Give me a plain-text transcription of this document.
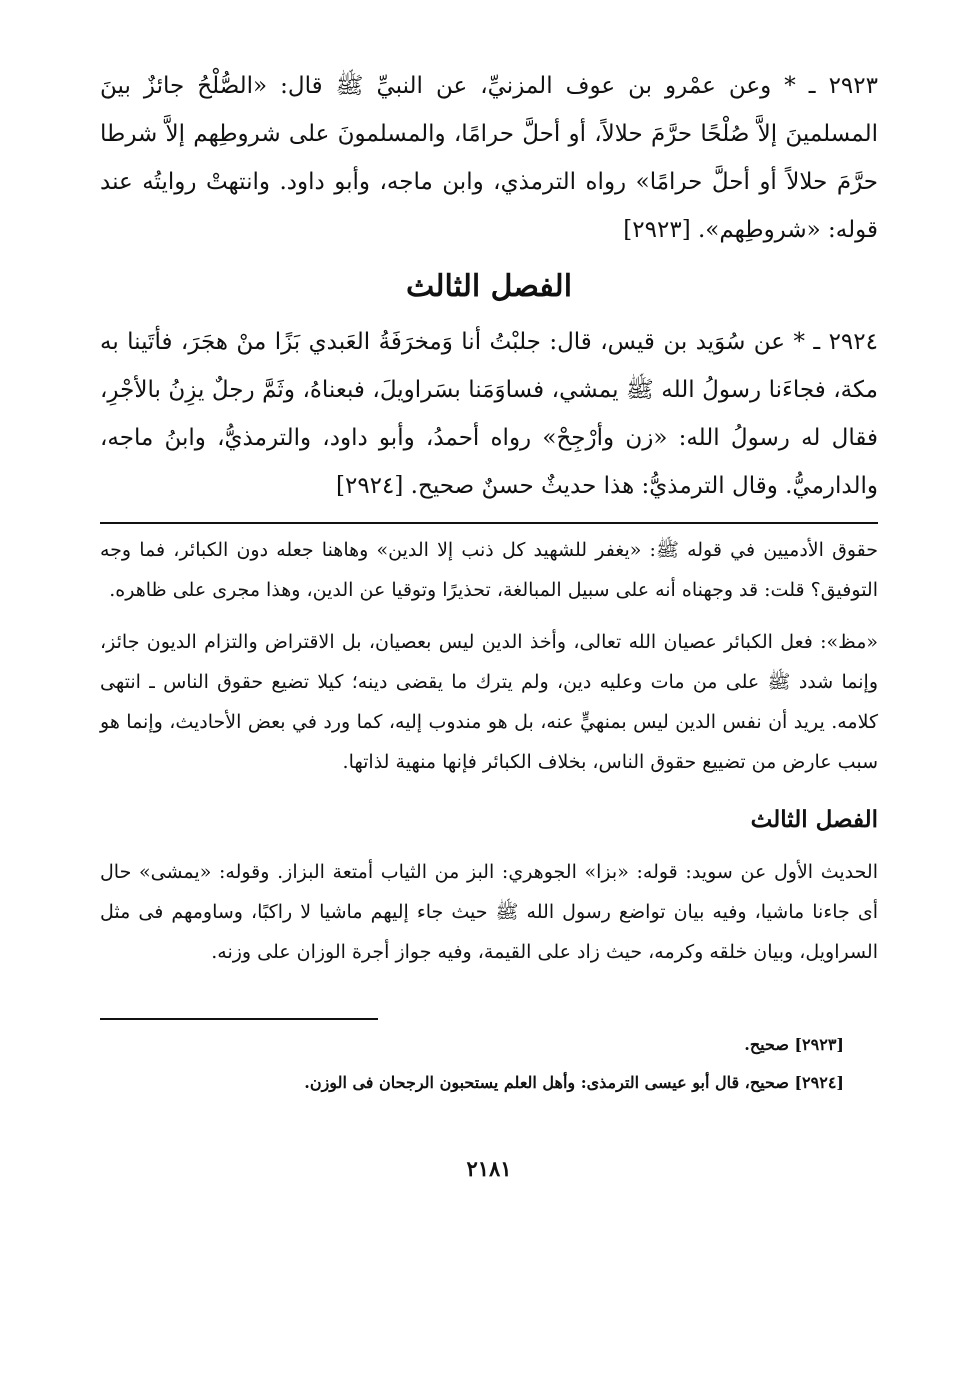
٢٩٢٣ ـ * وعن عمْرو بن عوف المزنيِّ، عن النبيِّ ﷺ قال: «الصُّلْحُ جائزٌ بينَ المسلمينَ إلاَّ صُلْحًا حرَّمَ حلالاً، أو أحلَّ حرامًا، والمسلمونَ على شروطِهم إلاَّ شرطا حرَّمَ حلالاً أو أحلَّ حرامًا» رواه الترمذي، وابن ماجه، وأبو داود. وانتهتْ روايتُه عند قوله: «شروطِهم». [٢٩٢٣]

الفصل الثالث

٢٩٢٤ ـ * عن سُوَيد بن قيس، قال: جلبْتُ أنا وَمخرَفَةُ العَبدي بَزًا منْ هجَرَ، فأتَينا به مكة، فجاءَنا رسولُ الله ﷺ يمشي، فساوَمَنا بسَراويلَ، فبعناهُ، وثَمَّ رجلٌ يزِنُ بالأجْرِ، فقال له رسولُ الله: «زن وأرْجِحْ» رواه أحمدُ، وأبو داود، والترمذيُّ، وابنُ ماجه، والدارميُّ. وقال الترمذيُّ: هذا حديثٌ حسنٌ صحيح. [٢٩٢٤]

حقوق الأدميين في قوله ﷺ: «يغفر للشهيد كل ذنب إلا الدين» وهاهنا جعله دون الكبائر، فما وجه التوفيق؟ قلت: قد وجهناه أنه على سبيل المبالغة، تحذيرًا وتوقيا عن الدين، وهذا مجرى على ظاهره.

«مظ»: فعل الكبائر عصيان الله تعالى، وأخذ الدين ليس بعصيان، بل الاقتراض والتزام الديون جائز، وإنما شدد ﷺ على من مات وعليه دين، ولم يترك ما يقضى دينه؛ كيلا تضيع حقوق الناس ـ انتهى كلامه. يريد أن نفس الدين ليس بمنهيٍّ عنه، بل هو مندوب إليه، كما ورد في بعض الأحاديث، وإنما هو سبب عارض من تضييع حقوق الناس، بخلاف الكبائر فإنها منهية لذاتها.

الفصل الثالث

الحديث الأول عن سويد: قوله: «بزا» الجوهري: البز من الثياب أمتعة البزاز. وقوله: «يمشى» حال أى جاءنا ماشيا، وفيه بيان تواضع رسول الله ﷺ حيث جاء إليهم ماشيا لا راكبًا، وساومهم فى مثل السراويل، وبيان خلقه وكرمه، حيث زاد على القيمة، وفيه جواز أجرة الوزان على وزنه.

[٢٩٢٣] صحيح.

[٢٩٢٤] صحيح، قال أبو عيسى الترمذى: وأهل العلم يستحبون الرجحان فى الوزن.

٢١٨١
